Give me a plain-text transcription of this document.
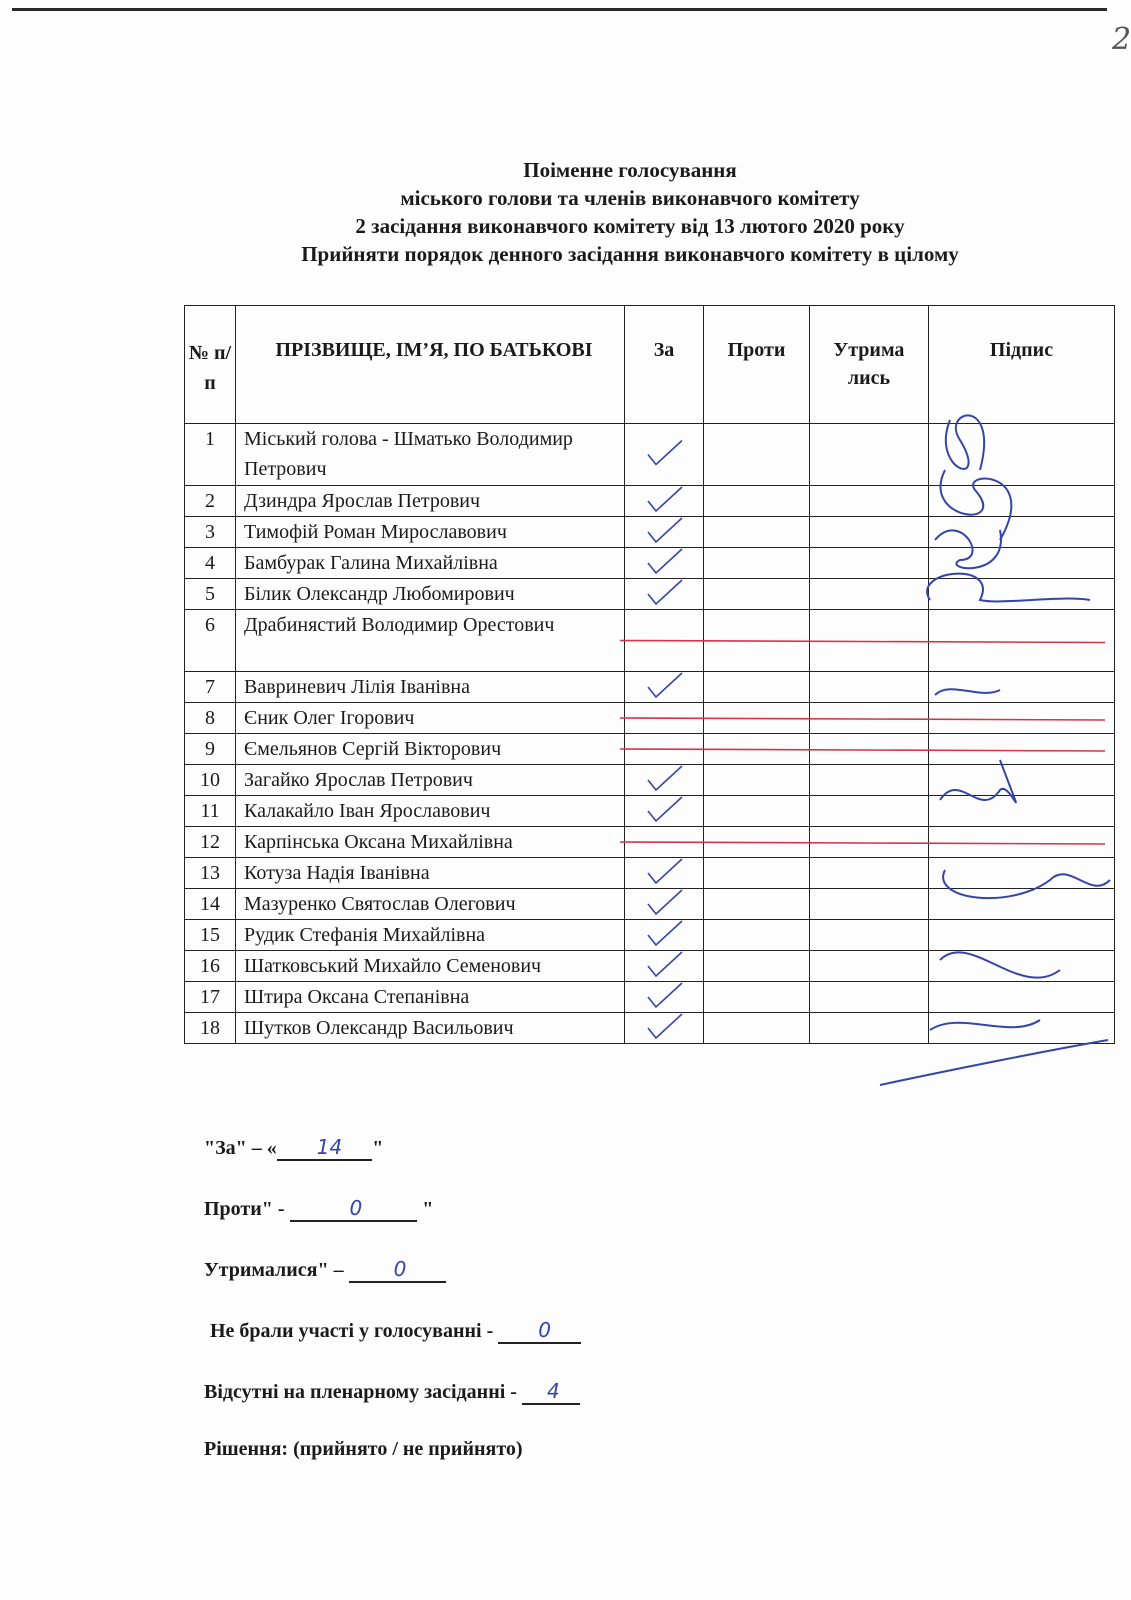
2
Поіменне голосування
міського голови та членів виконавчого комітету
2 засідання виконавчого комітету від 13 лютого 2020 року
Прийняти порядок денного засідання виконавчого комітету в цілому
№ п/п	ПРІЗВИЩЕ, ІМ’Я, ПО БАТЬКОВІ	За	Проти	Утрима лись	Підпис
1	Міський голова - Шматько Володимир Петрович				
2	Дзиндра Ярослав Петрович				
3	Тимофій Роман Мирославович				
4	Бамбурак Галина Михайлівна				
5	Білик Олександр Любомирович				
6	Драбинястий Володимир Орестович				
7	Вавриневич Лілія Іванівна				
8	Єник Олег Ігорович				
9	Ємельянов Сергій Вікторович				
10	Загайко Ярослав Петрович				
11	Калакайло Іван Ярославович				
12	Карпінська Оксана Михайлівна				
13	Котуза Надія Іванівна				
14	Мазуренко Святослав Олегович				
15	Рудик Стефанія Михайлівна				
16	Шатковський Михайло Семенович				
17	Штира Оксана Степанівна				
18	Шутков Олександр Васильович				
"За" – « 14 "
Проти" -	0	"
Утрималися" –	0
Не брали участі у голосуванні - 0
Відсутні на пленарному засіданні - 4
Рішення: (прийнято / не прийнято)
